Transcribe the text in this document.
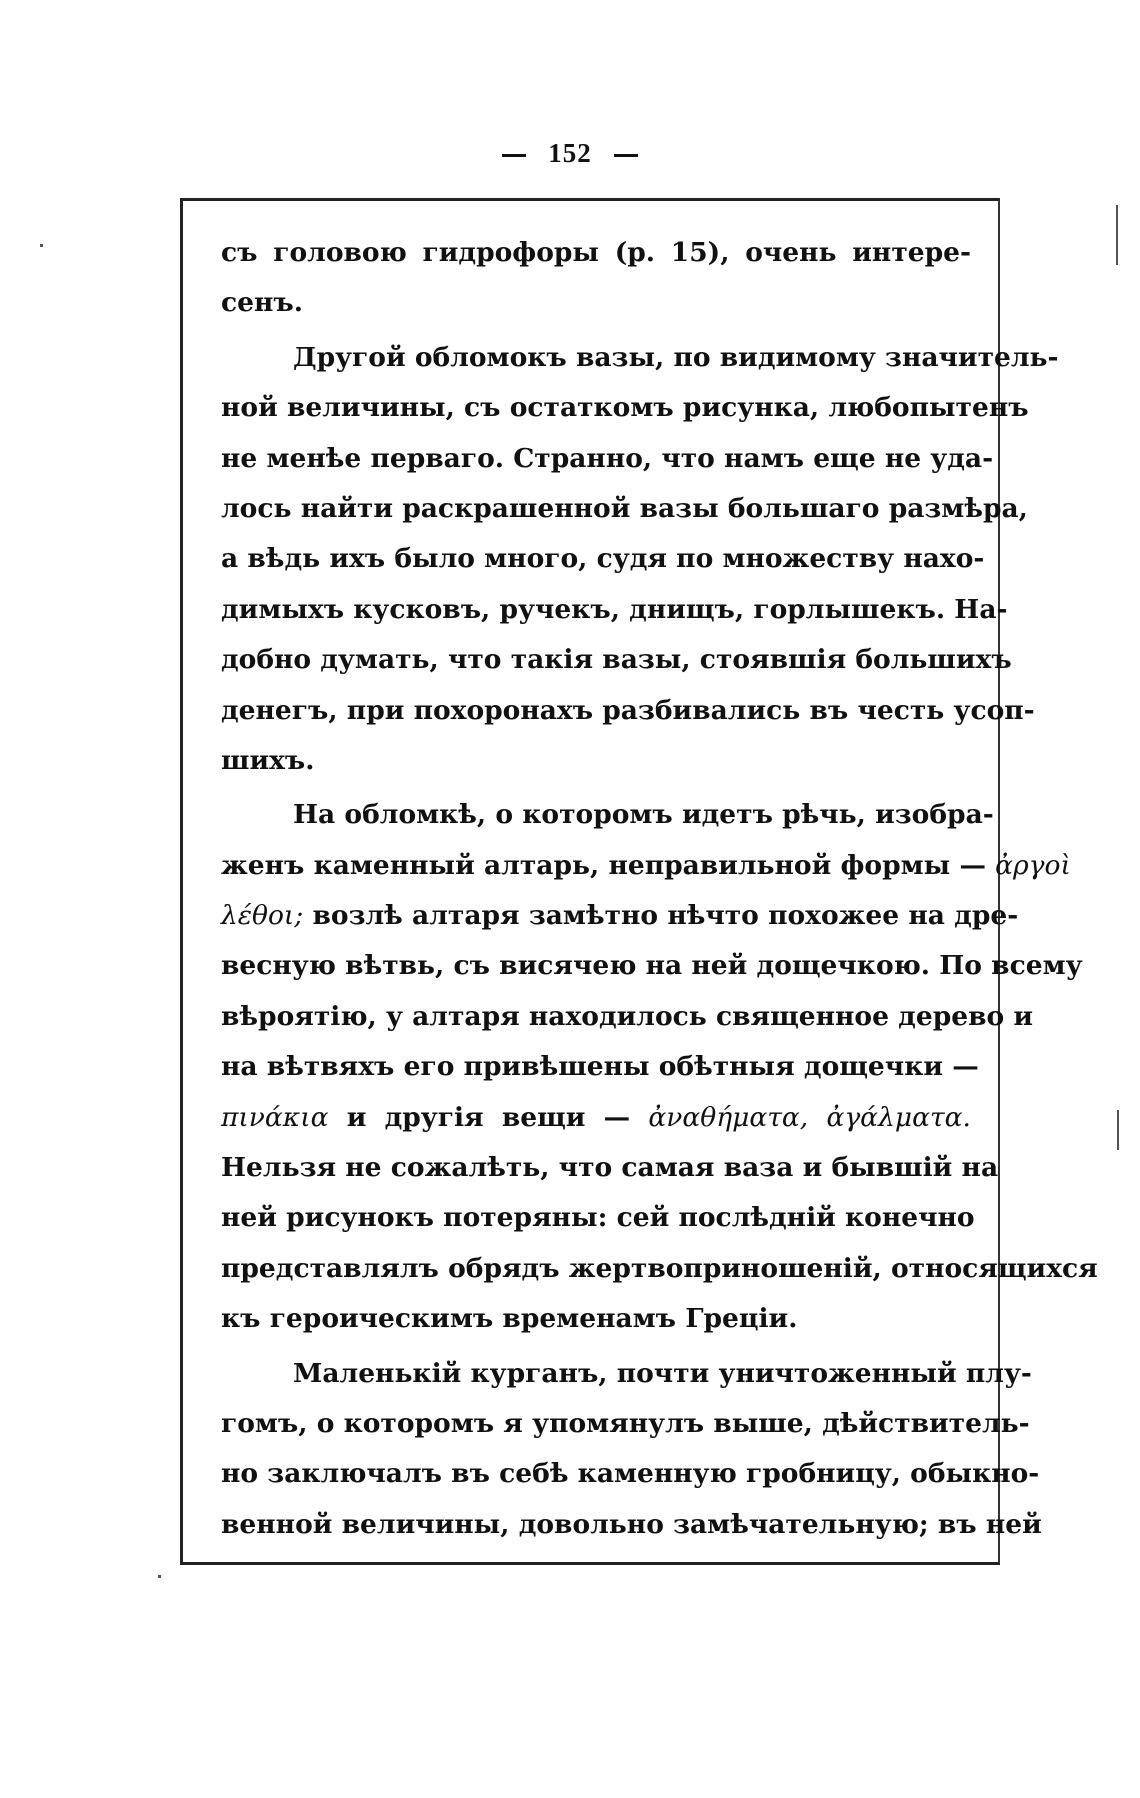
152
съ головою гидрофоры (р. 15), очень интере-
сенъ.
Другой обломокъ вазы, по видимому значитель-
ной величины, съ остаткомъ рисунка, любопытенъ
не менѣе перваго. Странно, что намъ еще не уда-
лось найти раскрашенной вазы большаго размѣра,
а вѣдь ихъ было много, судя по множеству нахо-
димыхъ кусковъ, ручекъ, днищъ, горлышекъ. На-
добно думать, что такія вазы, стоявшія большихъ
денегъ, при похоронахъ разбивались въ честь усоп-
шихъ.
На обломкѣ, о которомъ идетъ рѣчь, изобра-
женъ каменный алтарь, неправильной формы — ἀργοὶ
λέθοι; возлѣ алтаря замѣтно нѣчто похожее на дре-
весную вѣтвь, съ висячею на ней дощечкою. По всему
вѣроятію, у алтаря находилось священное дерево и
на вѣтвяхъ его привѣшены обѣтныя дощечки —
πινάκια и другія вещи — ἀναθήματα, ἀγάλματα.
Нельзя не сожалѣть, что самая ваза и бывшій на
ней рисунокъ потеряны: сей послѣдній конечно
представлялъ обрядъ жертвоприношеній, относящихся
къ героическимъ временамъ Греціи.
Маленькій курганъ, почти уничтоженный плу-
гомъ, о которомъ я упомянулъ выше, дѣйствитель-
но заключалъ въ себѣ каменную гробницу, обыкно-
венной величины, довольно замѣчательную; въ ней
